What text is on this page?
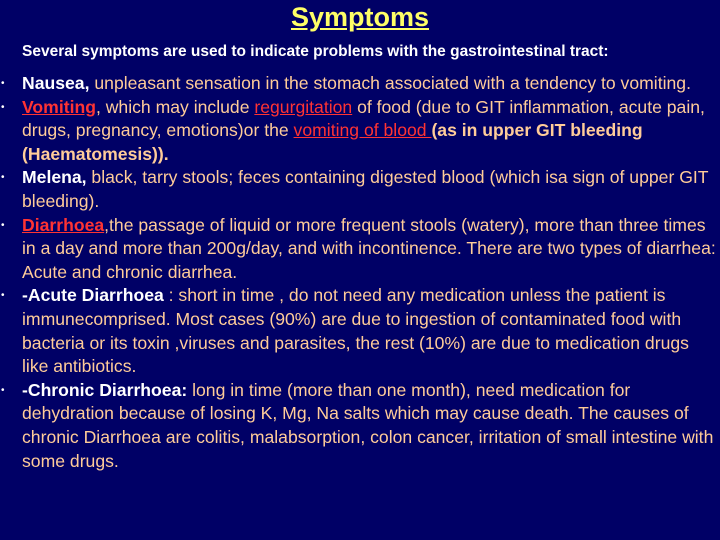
Symptoms
Several symptoms are used to indicate problems with the gastrointestinal tract:
• Nausea, unpleasant sensation in the stomach associated with a tendency to vomiting.
• Vomiting, which may include regurgitation of food (due to GIT inflammation, acute pain, drugs, pregnancy, emotions)or the vomiting of blood (as in upper GIT bleeding (Haematomesis)).
• Melena, black, tarry stools; feces containing digested blood (which isa sign of upper GIT bleeding).
• Diarrhoea,the passage of liquid or more frequent stools (watery), more than three times in a day and more than 200g/day, and with incontinence. There are two types of diarrhea: Acute and chronic diarrhea.
• -Acute Diarrhoea : short in time , do not need any medication unless the patient is immunecomprised. Most cases (90%) are due to ingestion of contaminated food with bacteria or its toxin ,viruses and parasites, the rest (10%) are due to medication drugs like antibiotics.
• -Chronic Diarrhoea: long in time (more than one month), need medication for dehydration because of losing K, Mg, Na salts which may cause death. The causes of chronic Diarrhoea are colitis, malabsorption, colon cancer, irritation of small intestine with some drugs.
